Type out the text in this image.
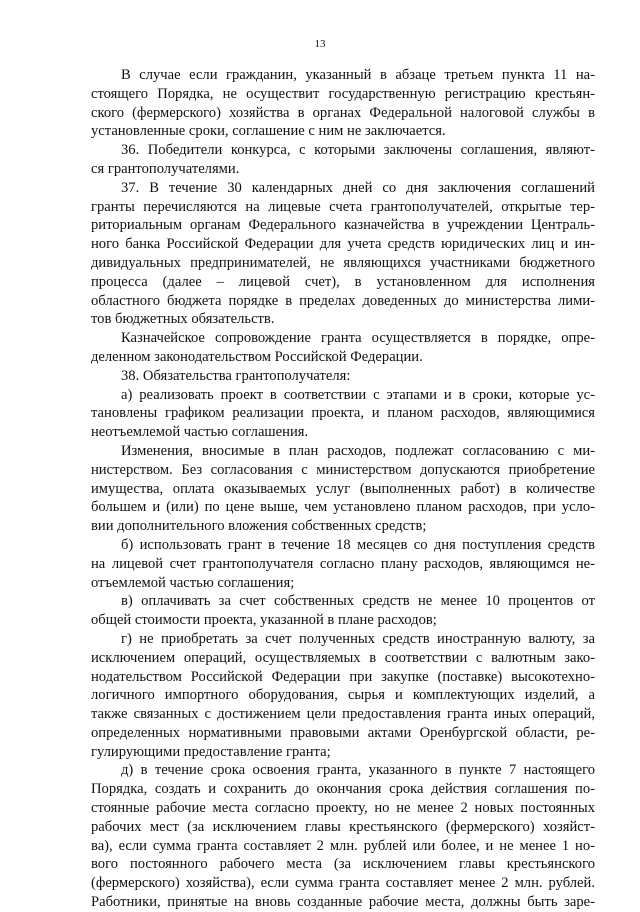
13
В случае если гражданин, указанный в абзаце третьем пункта 11 на-
стоящего Порядка, не осуществит государственную регистрацию крестьян-
ского (фермерского) хозяйства в органах Федеральной налоговой службы в
установленные сроки, соглашение с ним не заключается.
36. Победители конкурса, с которыми заключены соглашения, являют-
ся грантополучателями.
37. В течение 30 календарных дней со дня заключения соглашений
гранты перечисляются на лицевые счета грантополучателей, открытые тер-
риториальным органам Федерального казначейства в учреждении Централь-
ного банка Российской Федерации для учета средств юридических лиц и ин-
дивидуальных предпринимателей, не являющихся участниками бюджетного
процесса (далее – лицевой счет), в установленном для исполнения
областного бюджета порядке в пределах доведенных до министерства лими-
тов бюджетных обязательств.
Казначейское сопровождение гранта осуществляется в порядке, опре-
деленном законодательством Российской Федерации.
38. Обязательства грантополучателя:
а) реализовать проект в соответствии с этапами и в сроки, которые ус-
тановлены графиком реализации проекта, и планом расходов, являющимися
неотъемлемой частью соглашения.
Изменения, вносимые в план расходов, подлежат согласованию с ми-
нистерством. Без согласования с министерством допускаются приобретение
имущества, оплата оказываемых услуг (выполненных работ) в количестве
большем и (или) по цене выше, чем установлено планом расходов, при усло-
вии дополнительного вложения собственных средств;
б) использовать грант в течение 18 месяцев со дня поступления средств
на лицевой счет грантополучателя согласно плану расходов, являющимся не-
отъемлемой частью соглашения;
в) оплачивать за счет собственных средств не менее 10 процентов от
общей стоимости проекта, указанной в плане расходов;
г) не приобретать за счет полученных средств иностранную валюту, за
исключением операций, осуществляемых в соответствии с валютным зако-
нодательством Российской Федерации при закупке (поставке) высокотехно-
логичного импортного оборудования, сырья и комплектующих изделий, а
также связанных с достижением цели предоставления гранта иных операций,
определенных нормативными правовыми актами Оренбургской области, ре-
гулирующими предоставление гранта;
д) в течение срока освоения гранта, указанного в пункте 7 настоящего
Порядка, создать и сохранить до окончания срока действия соглашения по-
стоянные рабочие места согласно проекту, но не менее 2 новых постоянных
рабочих мест (за исключением главы крестьянского (фермерского) хозяйст-
ва), если сумма гранта составляет 2 млн. рублей или более, и не менее 1 но-
вого постоянного рабочего места (за исключением главы крестьянского
(фермерского) хозяйства), если сумма гранта составляет менее 2 млн. рублей.
Работники, принятые на вновь созданные рабочие места, должны быть заре-
